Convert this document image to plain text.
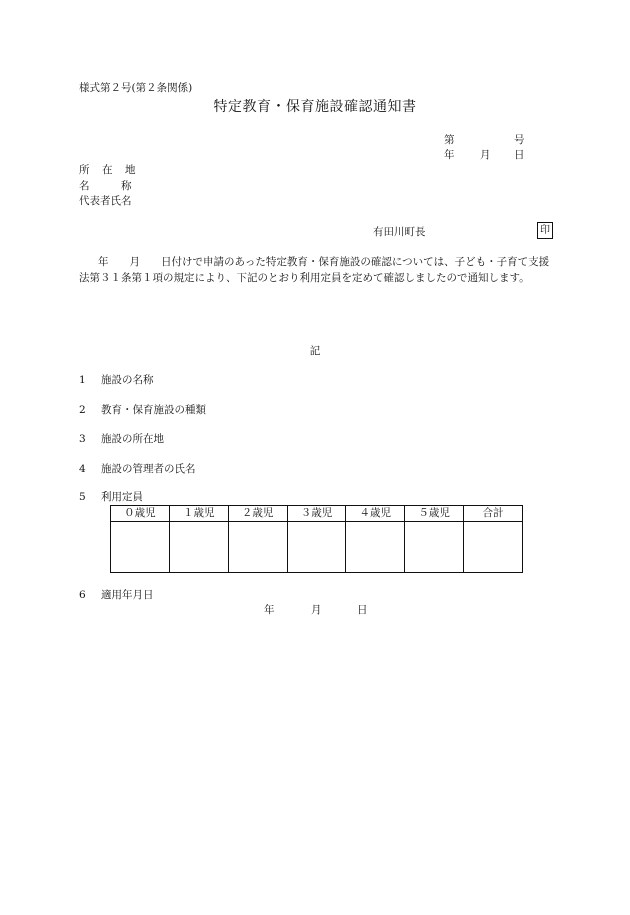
様式第２号(第２条関係)
特定教育・保育施設確認通知書
第	号
年 月 日
所　在　地
名　　　称
代表者氏名
有田川町長	印
年　　月　　日付けで申請のあった特定教育・保育施設の確認については、子ども・子育て支援法第３１条第１項の規定により、下記のとおり利用定員を定めて確認しましたので通知します。
記
1 施設の名称
2 教育・保育施設の種類
3 施設の所在地
4 施設の管理者の氏名
5 利用定員
０歳児	１歳児	２歳児	３歳児	４歳児	５歳児	合計

6 適用年月日
年	月	日
